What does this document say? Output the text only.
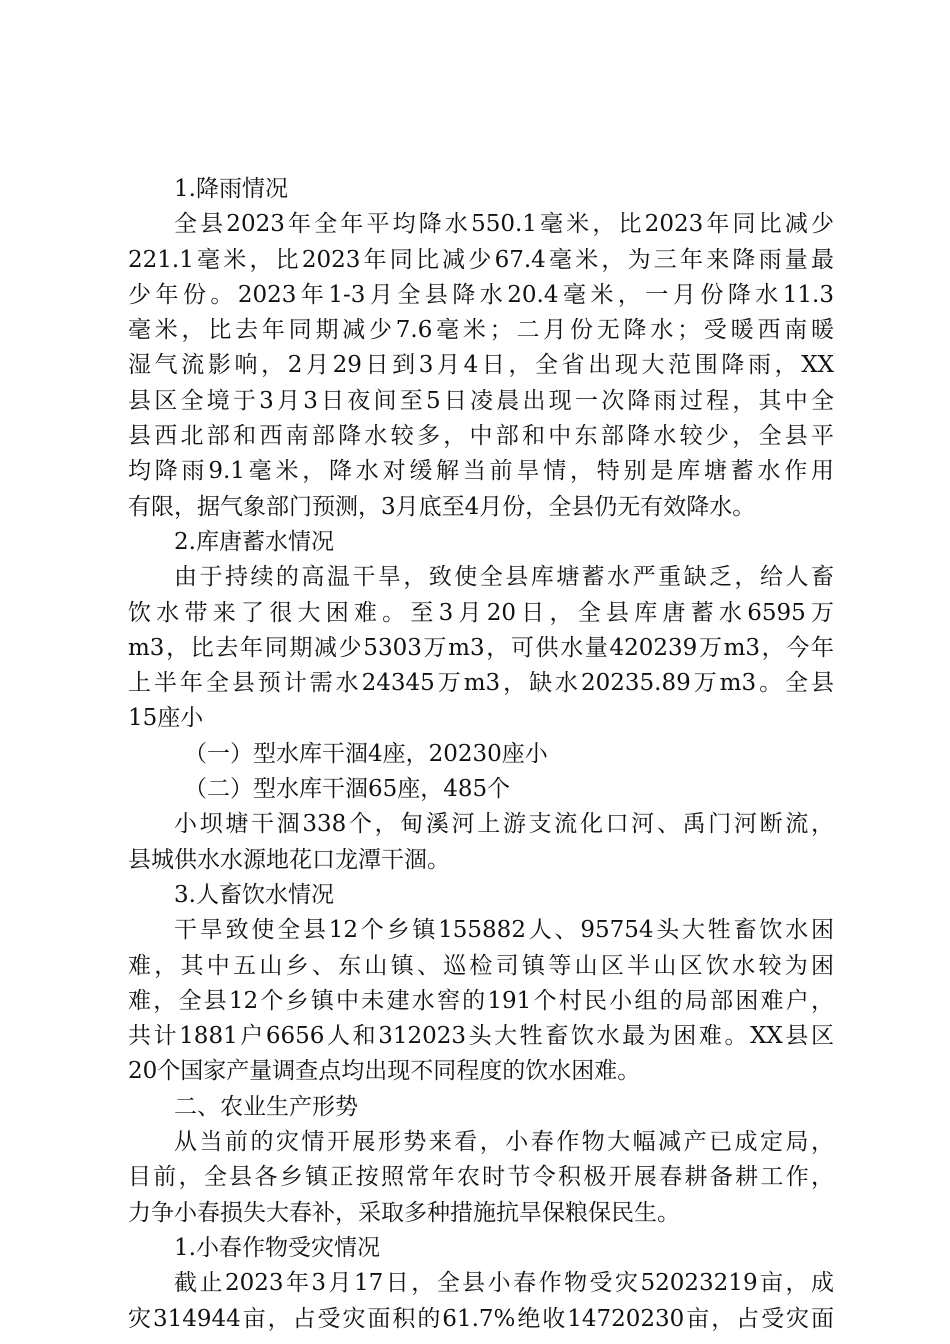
1.降雨情况
全县2023年全年平均降水550.1毫米，比2023年同比减少
221.1毫米，比2023年同比减少67.4毫米，为三年来降雨量最
少年份。2023年1-3月全县降水20.4毫米，一月份降水11.3
毫米，比去年同期减少7.6毫米；二月份无降水；受暖西南暖
湿气流影响，2月29日到3月4日，全省出现大范围降雨，XX
县区全境于3月3日夜间至5日凌晨出现一次降雨过程，其中全
县西北部和西南部降水较多，中部和中东部降水较少，全县平
均降雨9.1毫米，降水对缓解当前旱情，特别是库塘蓄水作用
有限，据气象部门预测，3月底至4月份，全县仍无有效降水。
2.库唐蓄水情况
由于持续的高温干旱，致使全县库塘蓄水严重缺乏，给人畜
饮水带来了很大困难。至3月20日，全县库唐蓄水6595万
m3，比去年同期减少5303万m3，可供水量420239万m3，今年
上半年全县预计需水24345万m3，缺水20235.89万m3。全县
15座小
（一）型水库干涸4座，20230座小
（二）型水库干涸65座，485个
小坝塘干涸338个，甸溪河上游支流化口河、禹门河断流，
县城供水水源地花口龙潭干涸。
3.人畜饮水情况
干旱致使全县12个乡镇155882人、95754头大牲畜饮水困
难，其中五山乡、东山镇、巡检司镇等山区半山区饮水较为困
难，全县12个乡镇中未建水窖的191个村民小组的局部困难户，
共计1881户6656人和312023头大牲畜饮水最为困难。XX县区
20个国家产量调查点均出现不同程度的饮水困难。
二、农业生产形势
从当前的灾情开展形势来看，小春作物大幅减产已成定局，
目前，全县各乡镇正按照常年农时节令积极开展春耕备耕工作，
力争小春损失大春补，采取多种措施抗旱保粮保民生。
1.小春作物受灾情况
截止2023年3月17日，全县小春作物受灾52023219亩，成
灾314944亩，占受灾面积的61.7%绝收14720230亩，占受灾面
